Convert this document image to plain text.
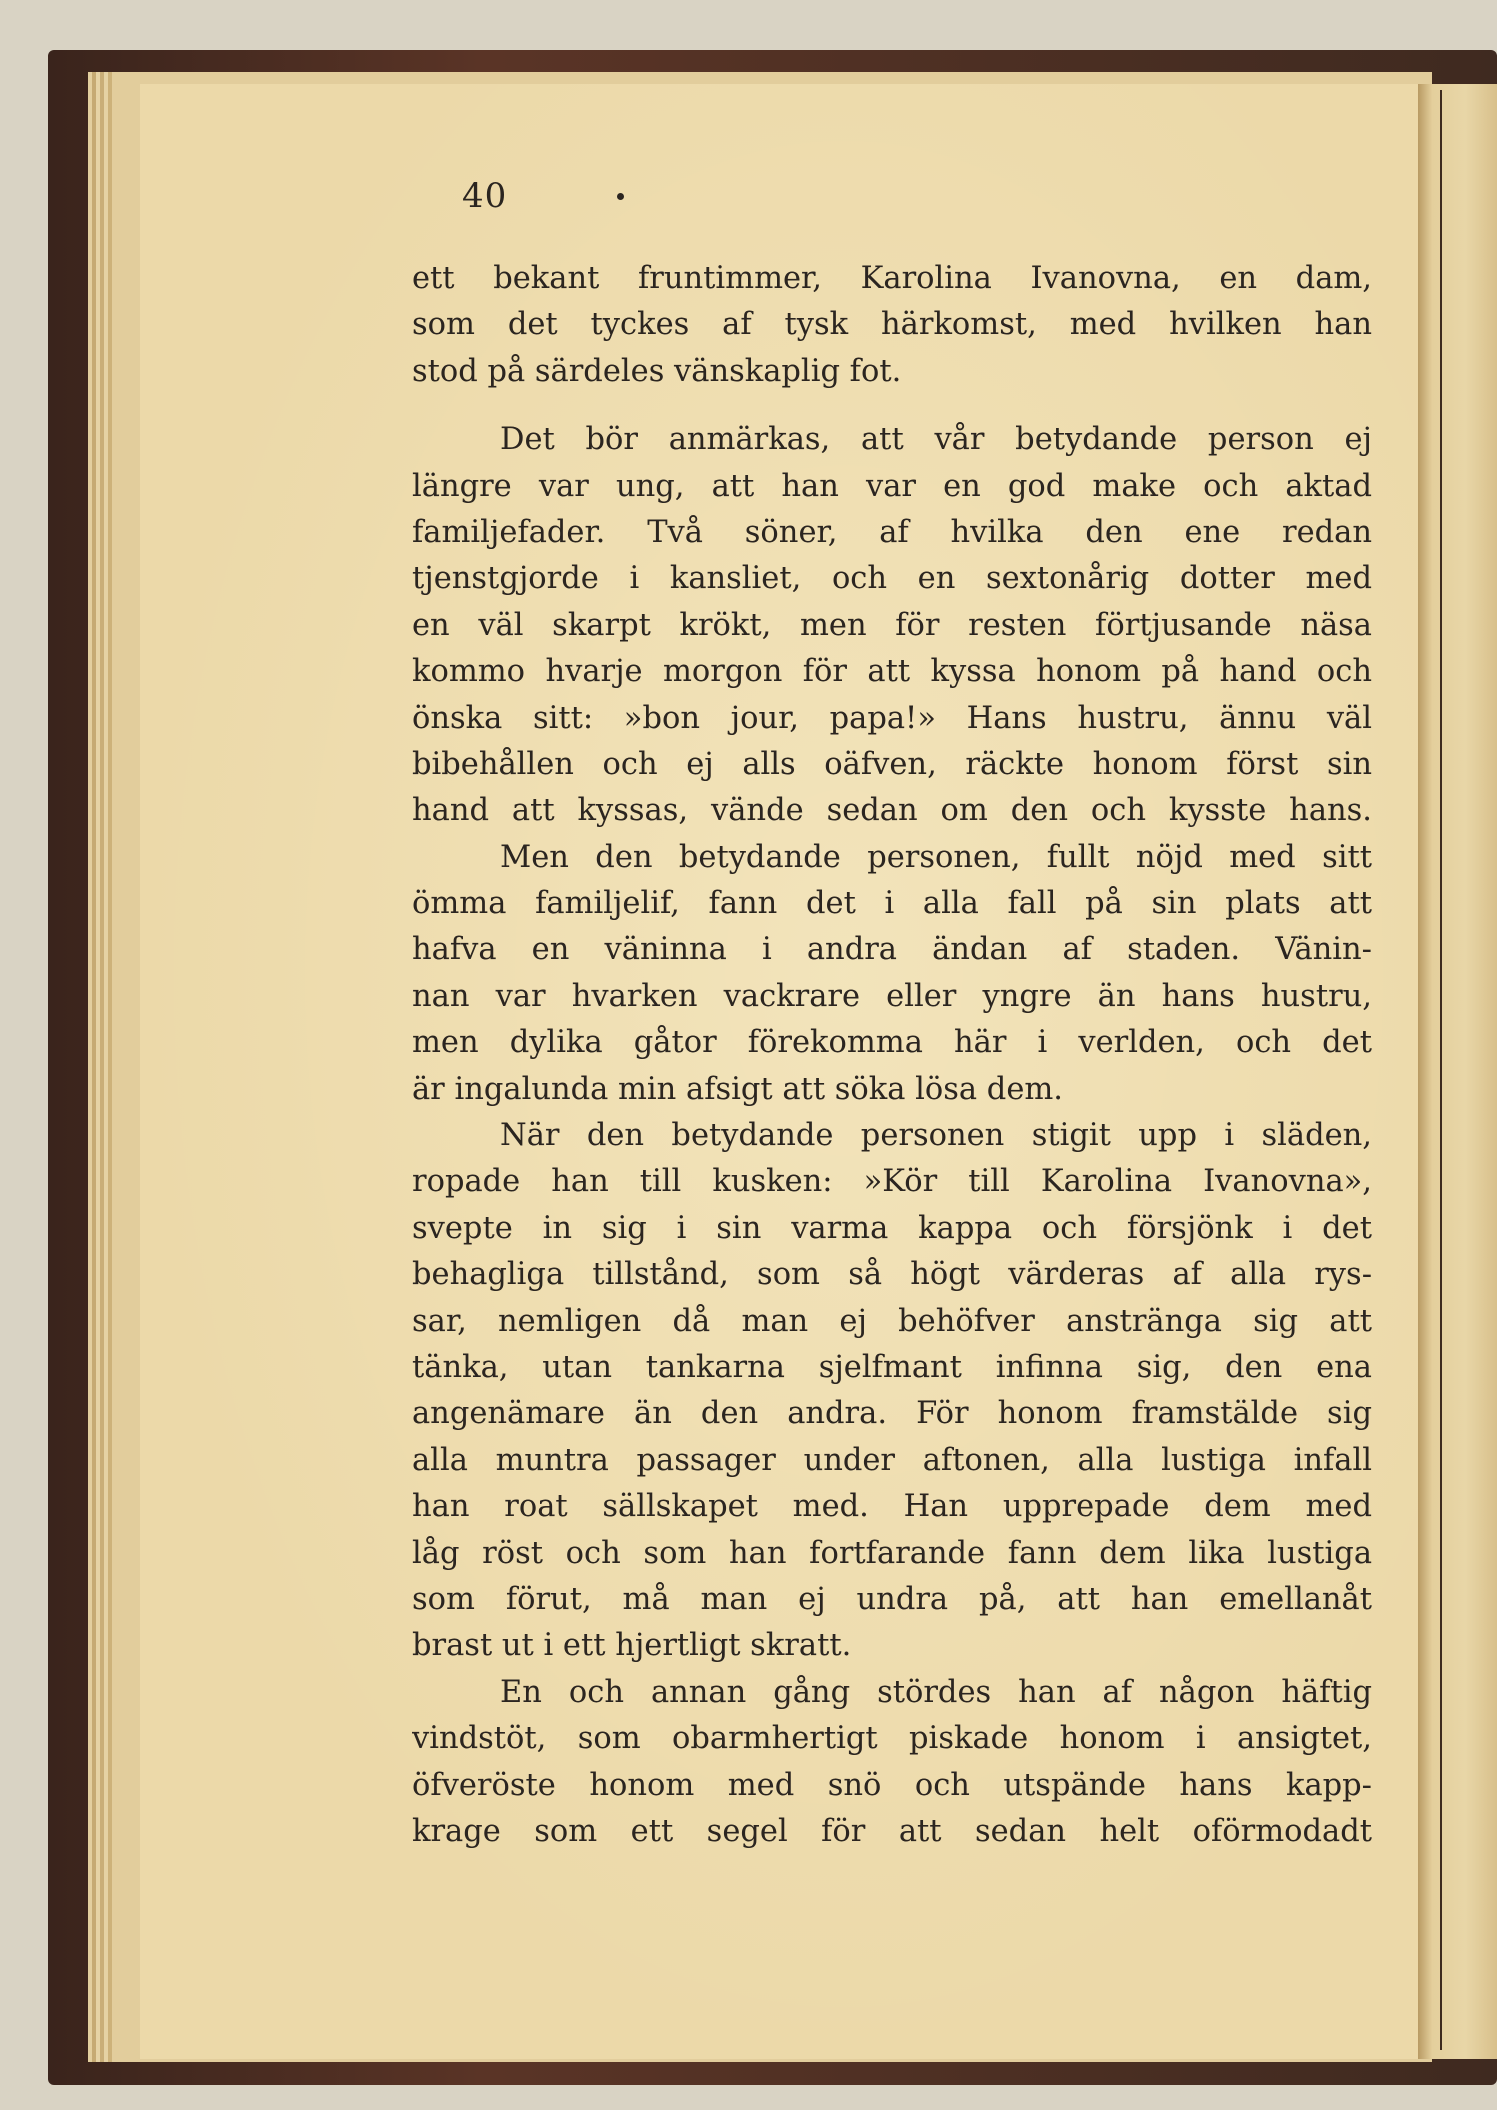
40
ett bekant fruntimmer, Karolina Ivanovna, en dam,
som det tyckes af tysk härkomst, med hvilken han
stod på särdeles vänskaplig fot.
Det bör anmärkas, att vår betydande person ej
längre var ung, att han var en god make och aktad
familjefader. Två söner, af hvilka den ene redan
tjenstgjorde i kansliet, och en sextonårig dotter med
en väl skarpt krökt, men för resten förtjusande näsa
kommo hvarje morgon för att kyssa honom på hand och
önska sitt: »bon jour, papa!» Hans hustru, ännu väl
bibehållen och ej alls oäfven, räckte honom först sin
hand att kyssas, vände sedan om den och kysste hans.
Men den betydande personen, fullt nöjd med sitt
ömma familjelif, fann det i alla fall på sin plats att
hafva en väninna i andra ändan af staden. Vänin-
nan var hvarken vackrare eller yngre än hans hustru,
men dylika gåtor förekomma här i verlden, och det
är ingalunda min afsigt att söka lösa dem.
När den betydande personen stigit upp i släden,
ropade han till kusken: »Kör till Karolina Ivanovna»,
svepte in sig i sin varma kappa och försjönk i det
behagliga tillstånd, som så högt värderas af alla rys-
sar, nemligen då man ej behöfver anstränga sig att
tänka, utan tankarna sjelfmant infinna sig, den ena
angenämare än den andra. För honom framstälde sig
alla muntra passager under aftonen, alla lustiga infall
han roat sällskapet med. Han upprepade dem med
låg röst och som han fortfarande fann dem lika lustiga
som förut, må man ej undra på, att han emellanåt
brast ut i ett hjertligt skratt.
En och annan gång stördes han af någon häftig
vindstöt, som obarmhertigt piskade honom i ansigtet,
öfveröste honom med snö och utspände hans kapp-
krage som ett segel för att sedan helt oförmodadt
